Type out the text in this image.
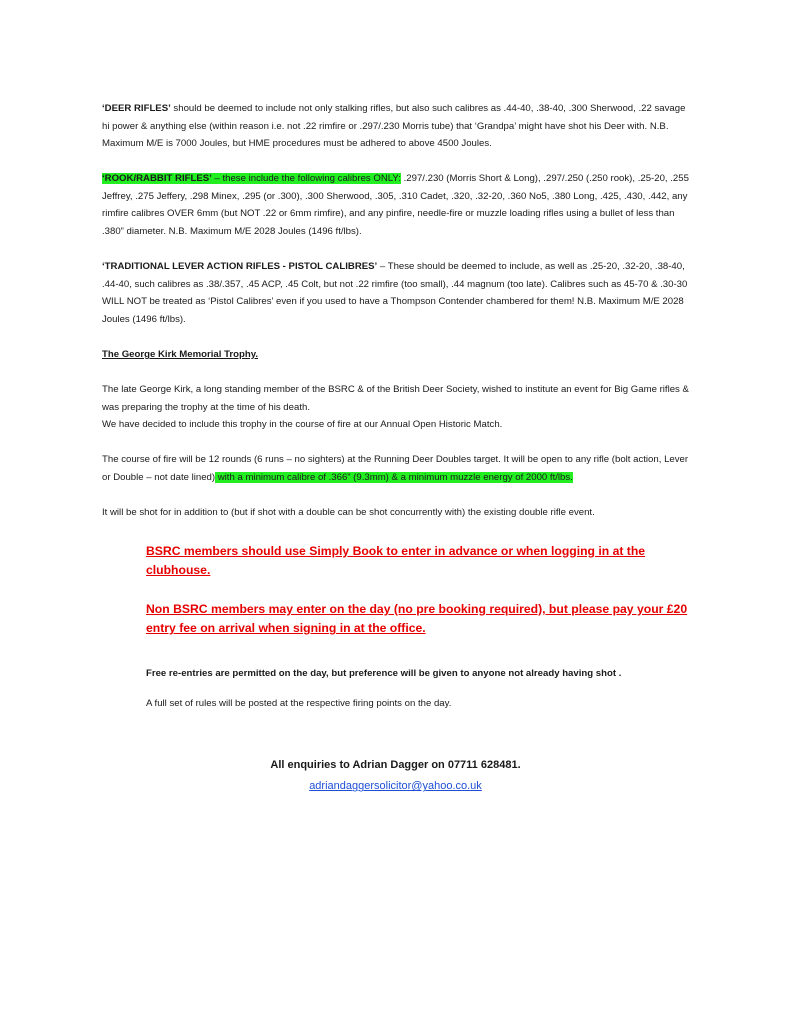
‘DEER RIFLES’ should be deemed to include not only stalking rifles, but also such calibres as .44-40, .38-40, .300 Sherwood, .22 savage hi power & anything else (within reason i.e. not .22 rimfire or .297/.230 Morris tube) that ‘Grandpa’ might have shot his Deer with. N.B. Maximum M/E is 7000 Joules, but HME procedures must be adhered to above 4500 Joules.

‘ROOK/RABBIT RIFLES’ – these include the following calibres ONLY: .297/.230 (Morris Short & Long), .297/.250 (.250 rook), .25-20, .255 Jeffrey, .275 Jeffery, .298 Minex, .295 (or .300), .300 Sherwood, .305, .310 Cadet, .320, .32-20, .360 No5, .380 Long, .425, .430, .442, any rimfire calibres OVER 6mm (but NOT .22 or 6mm rimfire), and any pinfire, needle-fire or muzzle loading rifles using a bullet of less than .380” diameter. N.B. Maximum M/E 2028 Joules (1496 ft/lbs).

‘TRADITIONAL LEVER ACTION RIFLES - PISTOL CALIBRES’ – These should be deemed to include, as well as .25-20, .32-20, .38-40, .44-40, such calibres as .38/.357, .45 ACP, .45 Colt, but not .22 rimfire (too small), .44 magnum (too late). Calibres such as 45-70 & .30-30 WILL NOT be treated as ‘Pistol Calibres’ even if you used to have a Thompson Contender chambered for them! N.B. Maximum M/E 2028 Joules (1496 ft/lbs).

The George Kirk Memorial Trophy.

The late George Kirk, a long standing member of the BSRC & of the British Deer Society, wished to institute an event for Big Game rifles & was preparing the trophy at the time of his death.

We have decided to include this trophy in the course of fire at our Annual Open Historic Match.

The course of fire will be 12 rounds (6 runs – no sighters) at the Running Deer Doubles target. It will be open to any rifle (bolt action, Lever or Double – not date lined) with a minimum calibre of .366” (9.3mm) & a minimum muzzle energy of 2000 ft/lbs.

It will be shot for in addition to (but if shot with a double can be shot concurrently with) the existing double rifle event.

BSRC members should use Simply Book to enter in advance or when logging in at the clubhouse.

Non BSRC members may enter on the day (no pre booking required), but please pay your £20 entry fee on arrival when signing in at the office.

Free re-entries are permitted on the day, but preference will be given to anyone not already having shot .

A full set of rules will be posted at the respective firing points on the day.

All enquiries to Adrian Dagger on 07711 628481.

adriandaggersolicitor@yahoo.co.uk
